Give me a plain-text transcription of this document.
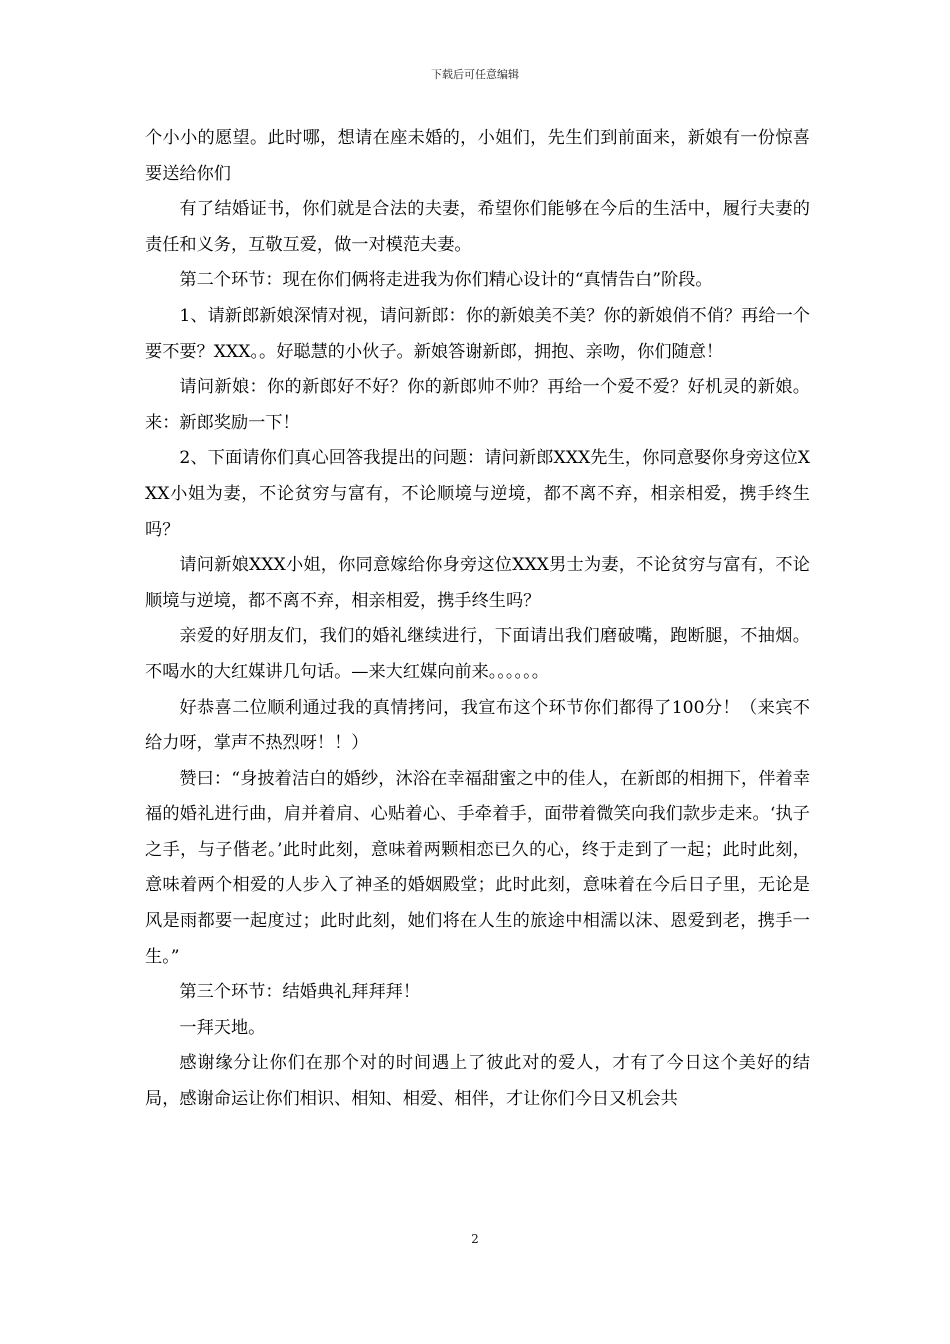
下载后可任意编辑

个小小的愿望。此时哪，想请在座未婚的，小姐们，先生们到前面来，新娘有一份惊喜要送给你们

有了结婚证书，你们就是合法的夫妻，希望你们能够在今后的生活中，履行夫妻的责任和义务，互敬互爱，做一对模范夫妻。

第二个环节：现在你们俩将走进我为你们精心设计的“真情告白”阶段。

1、请新郎新娘深情对视，请问新郎：你的新娘美不美？你的新娘俏不俏？再给一个要不要？XXX。。好聪慧的小伙子。新娘答谢新郎，拥抱、亲吻，你们随意！

请问新娘：你的新郎好不好？你的新郎帅不帅？再给一个爱不爱？好机灵的新娘。来：新郎奖励一下！

2、下面请你们真心回答我提出的问题：请问新郎XXX先生，你同意娶你身旁这位XXX小姐为妻，不论贫穷与富有，不论顺境与逆境，都不离不弃，相亲相爱，携手终生吗？

请问新娘XXX小姐，你同意嫁给你身旁这位XXX男士为妻，不论贫穷与富有，不论顺境与逆境，都不离不弃，相亲相爱，携手终生吗？

亲爱的好朋友们，我们的婚礼继续进行，下面请出我们磨破嘴，跑断腿，不抽烟。不喝水的大红媒讲几句话。—来大红媒向前来。。。。。。

好恭喜二位顺利通过我的真情拷问，我宣布这个环节你们都得了100分！（来宾不给力呀，掌声不热烈呀！！）

赞曰：“身披着洁白的婚纱，沐浴在幸福甜蜜之中的佳人，在新郎的相拥下，伴着幸福的婚礼进行曲，肩并着肩、心贴着心、手牵着手，面带着微笑向我们款步走来。‘执子之手，与子偕老。’此时此刻，意味着两颗相恋已久的心，终于走到了一起；此时此刻，意味着两个相爱的人步入了神圣的婚姻殿堂；此时此刻，意味着在今后日子里，无论是风是雨都要一起度过；此时此刻，她们将在人生的旅途中相濡以沫、恩爱到老，携手一生。”

第三个环节：结婚典礼拜拜拜！

一拜天地。

感谢缘分让你们在那个对的时间遇上了彼此对的爱人，才有了今日这个美好的结局，感谢命运让你们相识、相知、相爱、相伴，才让你们今日又机会共

2
